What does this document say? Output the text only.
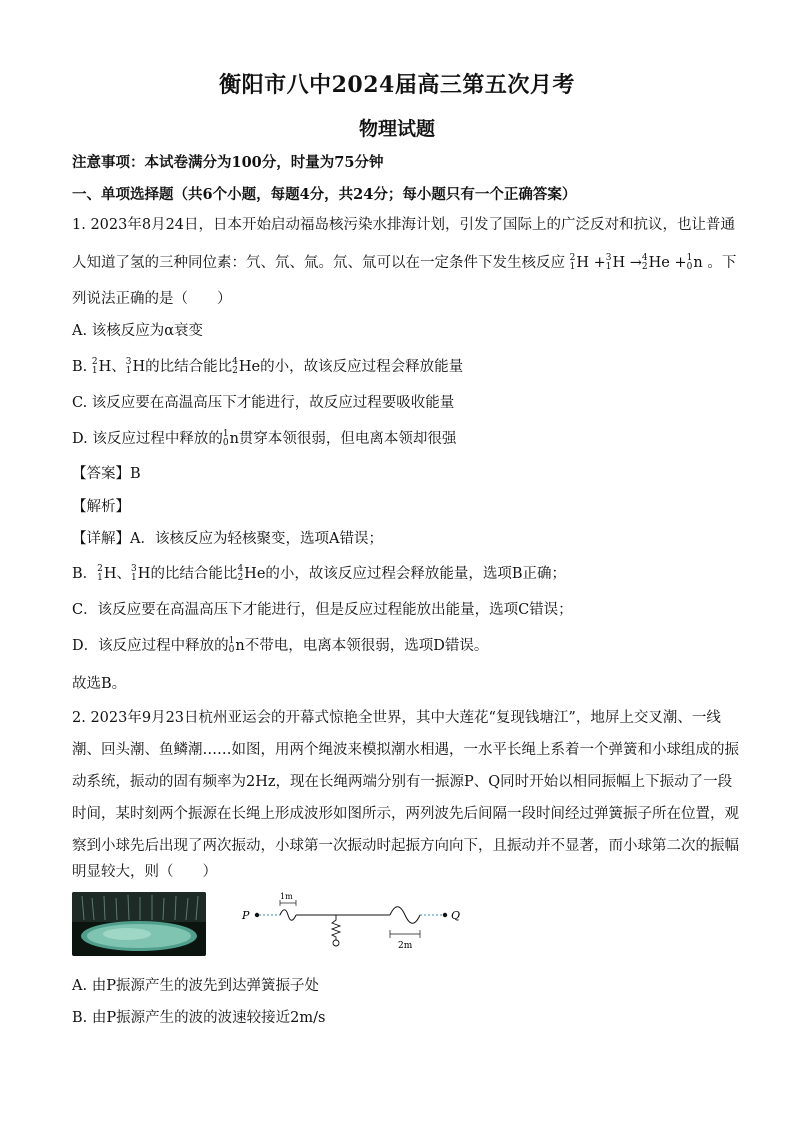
衡阳市八中2024届高三第五次月考
物理试题
注意事项：本试卷满分为100分，时量为75分钟
一、单项选择题（共6个小题，每题4分，共24分；每小题只有一个正确答案）
1. 2023年8月24日，日本开始启动福岛核污染水排海计划，引发了国际上的广泛反对和抗议，也让普通
人知道了氢的三种同位素：氕、氘、氚。氘、氚可以在一定条件下发生核反应 2
1 H + 3
1 H → 4
2 He + 1
0 n 。下
列说法正确的是（　　）
A. 该核反应为α衰变
B. 2
1 H、 3
1 H的比结合能比 4
2 He的小，故该反应过程会释放能量
C. 该反应要在高温高压下才能进行，故反应过程要吸收能量
D. 该反应过程中释放的 1
0 n贯穿本领很弱，但电离本领却很强
【答案】B
【解析】
【详解】A．该核反应为轻核聚变，选项A错误；
B． 2
1 H、 3
1 H的比结合能比 4
2 He的小，故该反应过程会释放能量，选项B正确；
C．该反应要在高温高压下才能进行，但是反应过程能放出能量，选项C错误；
D．该反应过程中释放的 1
0 n不带电，电离本领很弱，选项D错误。
故选B。
2. 2023年9月23日杭州亚运会的开幕式惊艳全世界，其中大莲花“复现钱塘江”，地屏上交叉潮、一线
潮、回头潮、鱼鳞潮……如图，用两个绳波来模拟潮水相遇，一水平长绳上系着一个弹簧和小球组成的振
动系统，振动的固有频率为2Hz，现在长绳两端分别有一振源P、Q同时开始以相同振幅上下振动了一段
时间，某时刻两个振源在长绳上形成波形如图所示，两列波先后间隔一段时间经过弹簧振子所在位置，观
察到小球先后出现了两次振动，小球第一次振动时起振方向向下，且振动并不显著，而小球第二次的振幅
明显较大，则（　　）
P	Q
1m
2m
A. 由P振源产生的波先到达弹簧振子处
B. 由P振源产生的波的波速较接近2m/s
